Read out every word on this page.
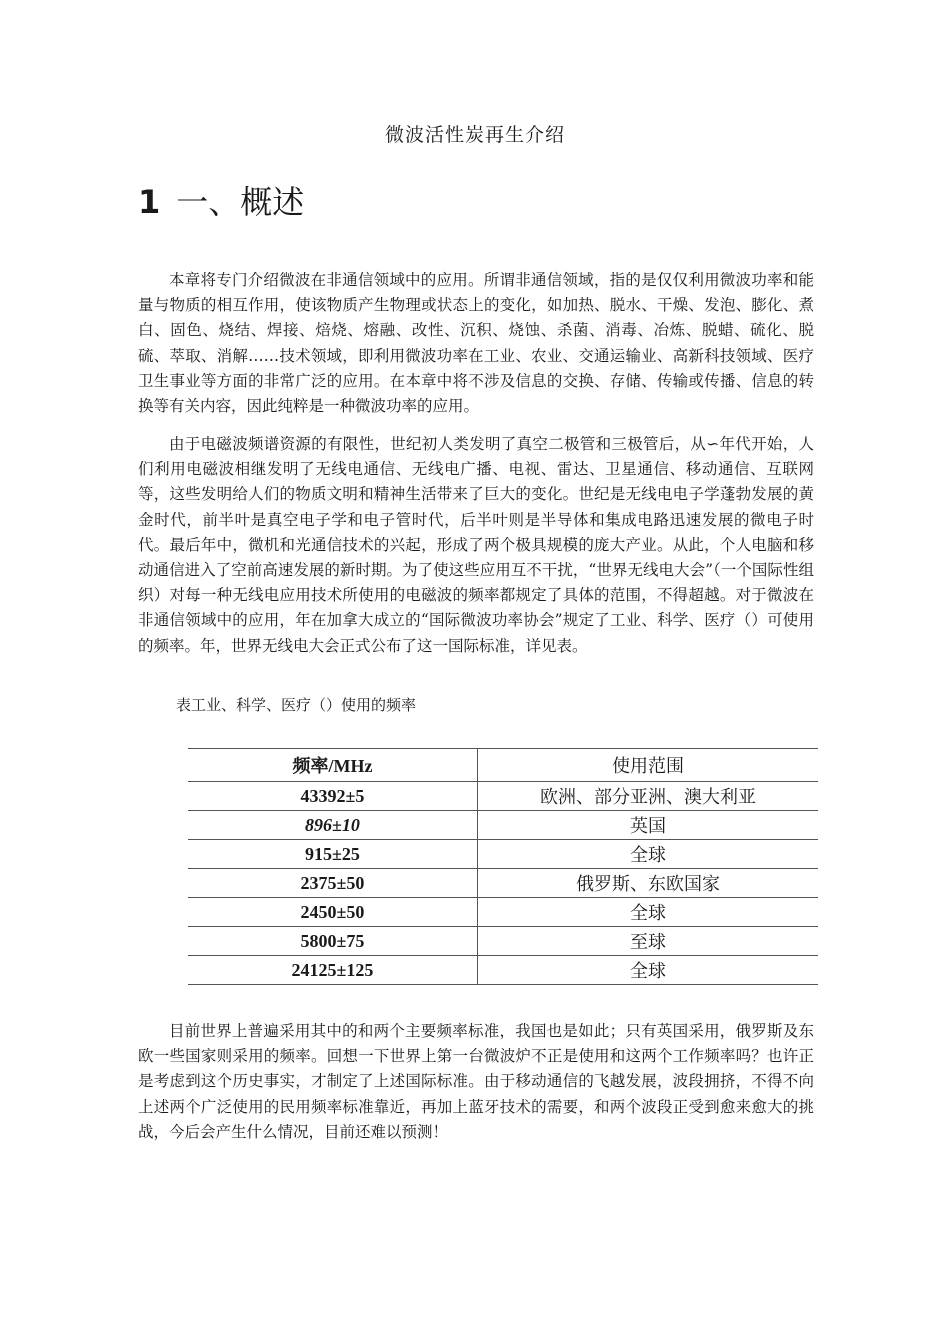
微波活性炭再生介绍
1 一、概述

本章将专门介绍微波在非通信领域中的应用。所谓非通信领域，指的是仅仅利用微波功率和能量与物质的相互作用，使该物质产生物理或状态上的变化，如加热、脱水、干燥、发泡、膨化、煮白、固色、烧结、焊接、焙烧、熔融、改性、沉积、烧蚀、杀菌、消毒、冶炼、脱蜡、硫化、脱硫、萃取、消解……技术领域，即利用微波功率在工业、农业、交通运输业、高新科技领域、医疗卫生事业等方面的非常广泛的应用。在本章中将不涉及信息的交换、存储、传输或传播、信息的转换等有关内容，因此纯粹是一种微波功率的应用。

由于电磁波频谱资源的有限性，世纪初人类发明了真空二极管和三极管后，从∽年代开始，人们利用电磁波相继发明了无线电通信、无线电广播、电视、雷达、卫星通信、移动通信、互联网等，这些发明给人们的物质文明和精神生活带来了巨大的变化。世纪是无线电电子学蓬勃发展的黄金时代，前半叶是真空电子学和电子管时代，后半叶则是半导体和集成电路迅速发展的微电子时代。最后年中，微机和光通信技术的兴起，形成了两个极具规模的庞大产业。从此，个人电脑和移动通信进入了空前高速发展的新时期。为了使这些应用互不干扰，“世界无线电大会”（一个国际性组织）对每一种无线电应用技术所使用的电磁波的频率都规定了具体的范围，不得超越。对于微波在非通信领域中的应用，年在加拿大成立的“国际微波功率协会”规定了工业、科学、医疗（）可使用的频率。年，世界无线电大会正式公布了这一国际标准，详见表。

表工业、科学、医疗（）使用的频率
频率/MHz	使用范围
43392±5	欧洲、部分亚洲、澳大利亚
896±10	英国
915±25	全球
2375±50	俄罗斯、东欧国家
2450±50	全球
5800±75	至球
24125±125	全球

目前世界上普遍采用其中的和两个主要频率标准，我国也是如此；只有英国采用，俄罗斯及东欧一些国家则采用的频率。回想一下世界上第一台微波炉不正是使用和这两个工作频率吗？也许正是考虑到这个历史事实，才制定了上述国际标准。由于移动通信的飞越发展，波段拥挤，不得不向上述两个广泛使用的民用频率标准靠近，再加上蓝牙技术的需要，和两个波段正受到愈来愈大的挑战，今后会产生什么情况，目前还难以预测！
